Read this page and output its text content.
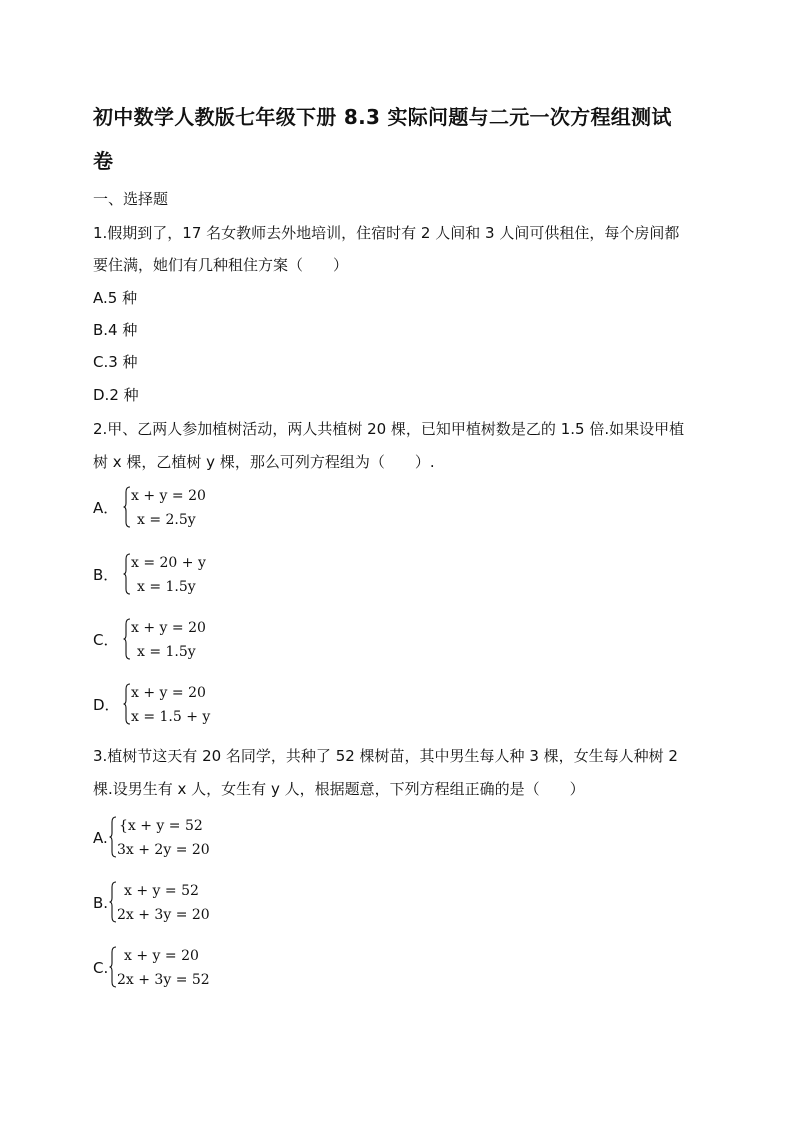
初中数学人教版七年级下册 8.3 实际问题与二元一次方程组测试
卷
一、选择题
1.假期到了，17 名女教师去外地培训，住宿时有 2 人间和 3 人间可供租住，每个房间都
要住满，她们有几种租住方案（　　）
A.5 种
B.4 种
C.3 种
D.2 种
2.甲、乙两人参加植树活动，两人共植树 20 棵，已知甲植树数是乙的 1.5 倍.如果设甲植
树 x 棵，乙植树 y 棵，那么可列方程组为（　　）.
A．
x + y = 20
x = 2.5y
B．
x = 20 + y
x = 1.5y
C．
x + y = 20
x = 1.5y
D．
x + y = 20
x = 1.5 + y
3.植树节这天有 20 名同学，共种了 52 棵树苗，其中男生每人种 3 棵，女生每人种树 2
棵.设男生有 x 人，女生有 y 人，根据题意，下列方程组正确的是（　　）
A.
{x + y = 52
3x + 2y = 20
B.
x + y = 52
2x + 3y = 20
C.
x + y = 20
2x + 3y = 52
